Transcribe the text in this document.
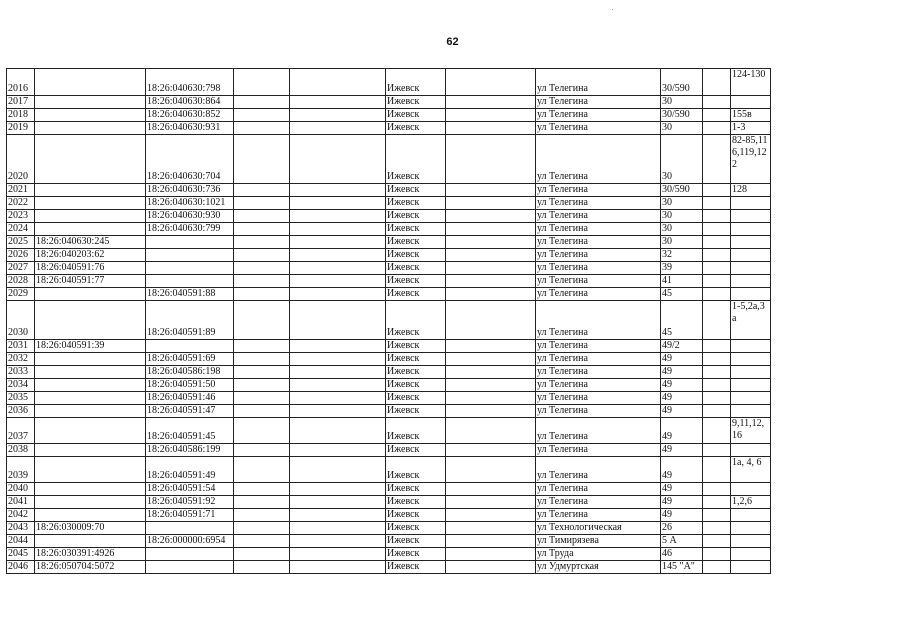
62
2016		18:26:040630:798			Ижевск		ул Телегина	30/590		124-130
2017		18:26:040630:864			Ижевск		ул Телегина	30		
2018		18:26:040630:852			Ижевск		ул Телегина	30/590		155в
2019		18:26:040630:931			Ижевск		ул Телегина	30		1-3
2020		18:26:040630:704			Ижевск		ул Телегина	30		82-85,116,119,122
2021		18:26:040630:736			Ижевск		ул Телегина	30/590		128
2022		18:26:040630:1021			Ижевск		ул Телегина	30		
2023		18:26:040630:930			Ижевск		ул Телегина	30		
2024		18:26:040630:799			Ижевск		ул Телегина	30		
2025	18:26:040630:245				Ижевск		ул Телегина	30		
2026	18:26:040203:62				Ижевск		ул Телегина	32		
2027	18:26:040591:76				Ижевск		ул Телегина	39		
2028	18:26:040591:77				Ижевск		ул Телегина	41		
2029		18:26:040591:88			Ижевск		ул Телегина	45		
2030		18:26:040591:89			Ижевск		ул Телегина	45		1-5,2а,3а
2031	18:26:040591:39				Ижевск		ул Телегина	49/2		
2032		18:26:040591:69			Ижевск		ул Телегина	49		
2033		18:26:040586:198			Ижевск		ул Телегина	49		
2034		18:26:040591:50			Ижевск		ул Телегина	49		
2035		18:26:040591:46			Ижевск		ул Телегина	49		
2036		18:26:040591:47			Ижевск		ул Телегина	49		
2037		18:26:040591:45			Ижевск		ул Телегина	49		9,11,12,16
2038		18:26:040586:199			Ижевск		ул Телегина	49		
2039		18:26:040591:49			Ижевск		ул Телегина	49		1а, 4, 6
2040		18:26:040591:54			Ижевск		ул Телегина	49		
2041		18:26:040591:92			Ижевск		ул Телегина	49		1,2,6
2042		18:26:040591:71			Ижевск		ул Телегина	49		
2043	18:26:030009:70				Ижевск		ул Технологическая	26		
2044		18:26:000000:6954			Ижевск		ул Тимирязева	5 А		
2045	18:26:030391:4926				Ижевск		ул Труда	46		
2046	18:26:050704:5072				Ижевск		ул Удмуртская	145 "А"		
